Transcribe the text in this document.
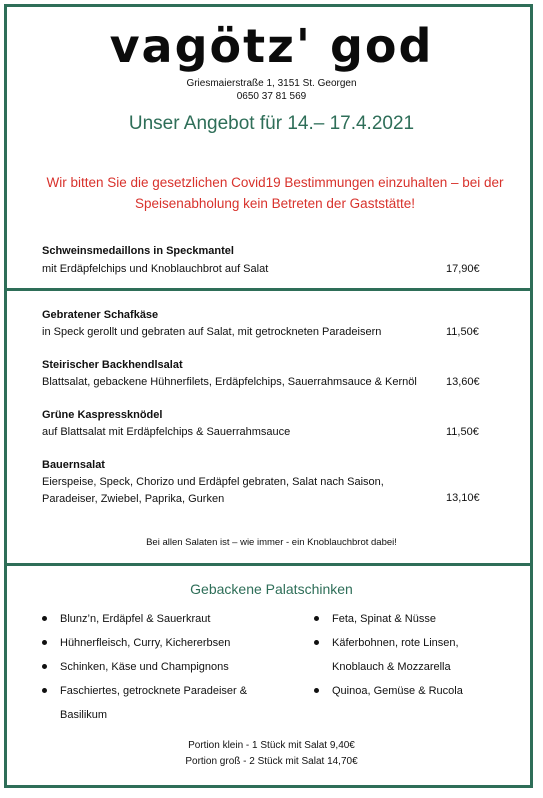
vagötz' god
Griesmaierstraße 1, 3151 St. Georgen
0650 37 81 569
Unser Angebot für 14.– 17.4.2021
Wir bitten Sie die gesetzlichen Covid19 Bestimmungen einzuhalten – bei der Speisenabholung kein Betreten der Gaststätte!
Schweinsmedaillons in Speckmantel
mit Erdäpfelchips und Knoblauchbrot auf Salat	17,90€
Gebratener Schafkäse
in Speck gerollt und gebraten auf Salat, mit getrockneten Paradeisern	11,50€
Steirischer Backhendlsalat
Blattsalat, gebackene Hühnerfilets, Erdäpfelchips, Sauerrahmsauce & Kernöl	13,60€
Grüne Kaspressknödel
auf Blattsalat mit Erdäpfelchips & Sauerrahmsauce	11,50€
Bauernsalat
Eierspeise, Speck, Chorizo und Erdäpfel gebraten, Salat nach Saison, Paradeiser, Zwiebel, Paprika, Gurken	13,10€
Bei allen Salaten ist – wie immer - ein Knoblauchbrot dabei!
Gebackene Palatschinken
Blunz’n, Erdäpfel & Sauerkraut
Hühnerfleisch, Curry, Kichererbsen
Schinken, Käse und Champignons
Faschiertes, getrocknete Paradeiser & Basilikum
Feta, Spinat & Nüsse
Käferbohnen, rote Linsen, Knoblauch & Mozzarella
Quinoa, Gemüse & Rucola
Portion klein - 1 Stück mit Salat 9,40€
Portion groß - 2 Stück mit Salat 14,70€
